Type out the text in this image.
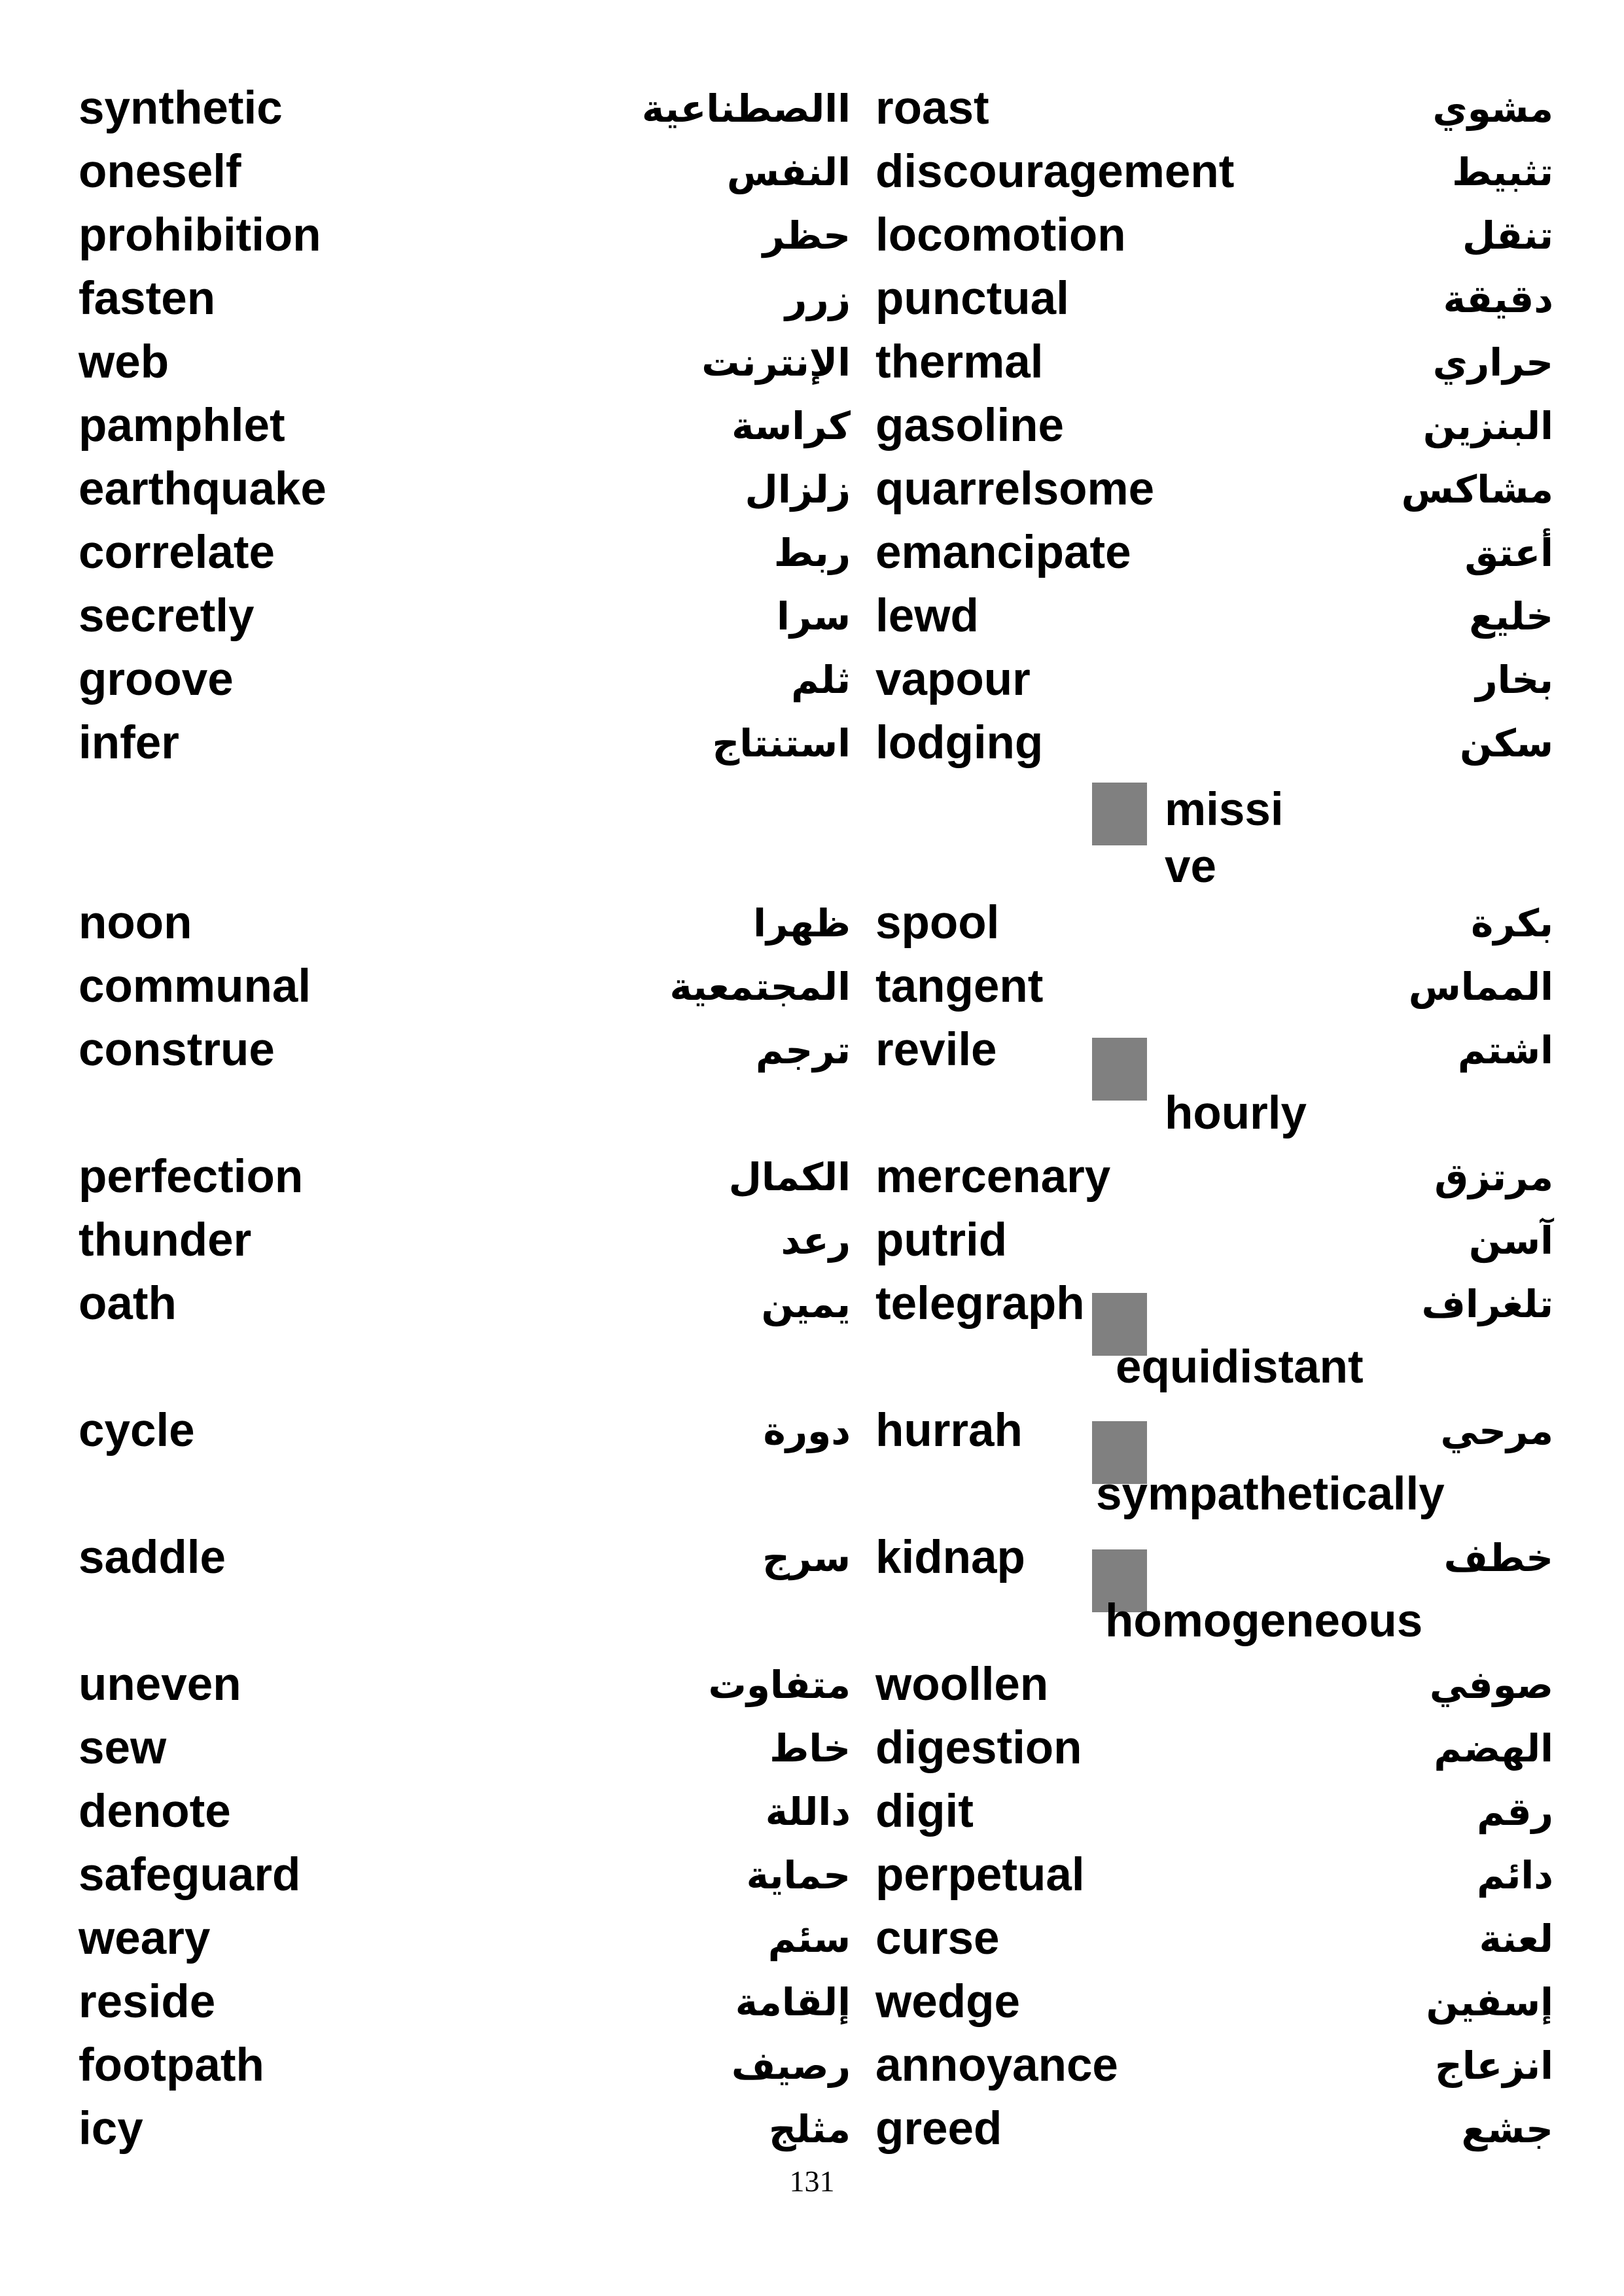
synthetic
oneself
prohibition
fasten
web
pamphlet
earthquake
correlate
secretly
groove
infer
noon
communal
construe
perfection
thunder
oath
cycle
saddle
uneven
sew
denote
safeguard
weary
reside
footpath
icy
االصطناعية
النفس
حظر
زرر
الإنترنت
كراسة
زلزال
ربط
سرا
ثلم
استنتاج
ظهرا
المجتمعية
ترجم
الكمال
رعد
يمين
دورة
سرج
متفاوت
خاط
داللة
حماية
سئم
إلقامة
رصيف
مثلج
roast
discouragement
locomotion
punctual
thermal
gasoline
quarrelsome
emancipate
lewd
vapour
lodging
spool
tangent
revile
mercenary
putrid
telegraph
hurrah
kidnap
woollen
digestion
digit
perpetual
curse
wedge
annoyance
greed
مشوي
تثبيط
تنقل
دقيقة
حراري
البنزين
مشاكس
أعتق
خليع
بخار
سكن
بكرة
المماس
اشتم
مرتزق
آسن
تلغراف
مرحي
خطف
صوفي
الهضم
رقم
دائم
لعنة
إسفين
انزعاج
جشع
missi
ve
hourly
equidistant
sympathetically
homogeneous
131
